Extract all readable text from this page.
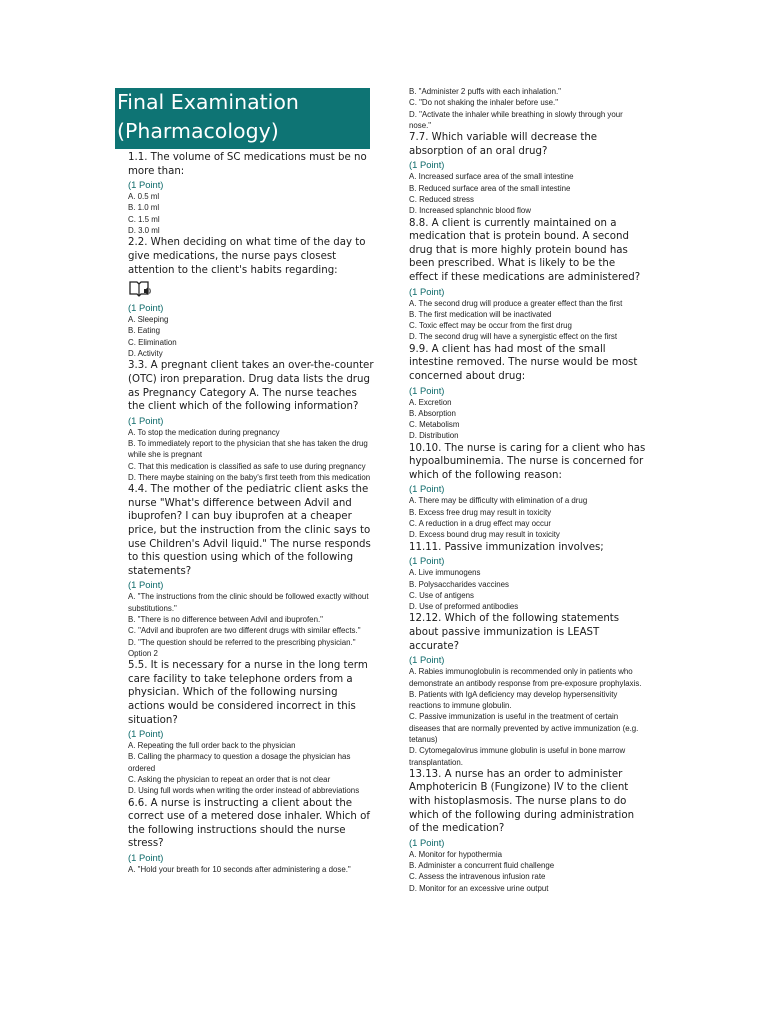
Final Examination
(Pharmacology)
1.1. The volume of SC medications must be no more than:
(1 Point)
A. 0.5 ml
B. 1.0 ml
C. 1.5 ml
D. 3.0 ml
2.2. When deciding on what time of the day to give medications, the nurse pays closest attention to the client's habits regarding:
(1 Point)
A. Sleeping
B. Eating
C. Elimination
D. Activity
3.3. A pregnant client takes an over-the-counter (OTC) iron preparation. Drug data lists the drug as Pregnancy Category A. The nurse teaches the client which of the following information?
(1 Point)
A. To stop the medication during pregnancy
B. To immediately report to the physician that she has taken the drug while she is pregnant
C. That this medication is classified as safe to use during pregnancy
D. There maybe staining on the baby's first teeth from this medication
4.4. The mother of the pediatric client asks the nurse "What's difference between Advil and ibuprofen? I can buy ibuprofen at a cheaper price, but the instruction from the clinic says to use Children's Advil liquid." The nurse responds to this question using which of the following statements?
(1 Point)
A. "The instructions from the clinic should be followed exactly without substitutions."
B. "There is no difference between Advil and ibuprofen."
C. "Advil and ibuprofen are two different drugs with similar effects."
D. "The question should be referred to the prescribing physician."
Option 2
5.5. It is necessary for a nurse in the long term care facility to take telephone orders from a physician. Which of the following nursing actions would be considered incorrect in this situation?
(1 Point)
A. Repeating the full order back to the physician
B. Calling the pharmacy to question a dosage the physician has ordered
C. Asking the physician to repeat an order that is not clear
D. Using full words when writing the order instead of abbreviations
6.6. A nurse is instructing a client about the correct use of a metered dose inhaler. Which of the following instructions should the nurse stress?
(1 Point)
A. "Hold your breath for 10 seconds after administering a dose."
B. "Administer 2 puffs with each inhalation."
C. "Do not shaking the inhaler before use."
D. "Activate the inhaler while breathing in slowly through your nose."
7.7. Which variable will decrease the absorption of an oral drug?
(1 Point)
A. Increased surface area of the small intestine
B. Reduced surface area of the small intestine
C. Reduced stress
D. Increased splanchnic blood flow
8.8. A client is currently maintained on a medication that is protein bound. A second drug that is more highly protein bound has been prescribed. What is likely to be the effect if these medications are administered?
(1 Point)
A. The second drug will produce a greater effect than the first
B. The first medication will be inactivated
C. Toxic effect may be occur from the first drug
D. The second drug will have a synergistic effect on the first
9.9. A client has had most of the small intestine removed. The nurse would be most concerned about drug:
(1 Point)
A. Excretion
B. Absorption
C. Metabolism
D. Distribution
10.10. The nurse is caring for a client who has hypoalbuminemia. The nurse is concerned for which of the following reason:
(1 Point)
A. There may be difficulty with elimination of a drug
B. Excess free drug may result in toxicity
C. A reduction in a drug effect may occur
D. Excess bound drug may result in toxicity
11.11. Passive immunization involves;
(1 Point)
A. Live immunogens
B. Polysaccharides vaccines
C. Use of antigens
D. Use of preformed antibodies
12.12. Which of the following statements about passive immunization is LEAST accurate?
(1 Point)
A. Rabies immunoglobulin is recommended only in patients who demonstrate an antibody response from pre-exposure prophylaxis.
B. Patients with IgA deficiency may develop hypersensitivity reactions to immune globulin.
C. Passive immunization is useful in the treatment of certain diseases that are normally prevented by active immunization (e.g. tetanus)
D. Cytomegalovirus immune globulin is useful in bone marrow transplantation.
13.13. A nurse has an order to administer Amphotericin B (Fungizone) IV to the client with histoplasmosis. The nurse plans to do which of the following during administration of the medication?
(1 Point)
A. Monitor for hypothermia
B. Administer a concurrent fluid challenge
C. Assess the intravenous infusion rate
D. Monitor for an excessive urine output
